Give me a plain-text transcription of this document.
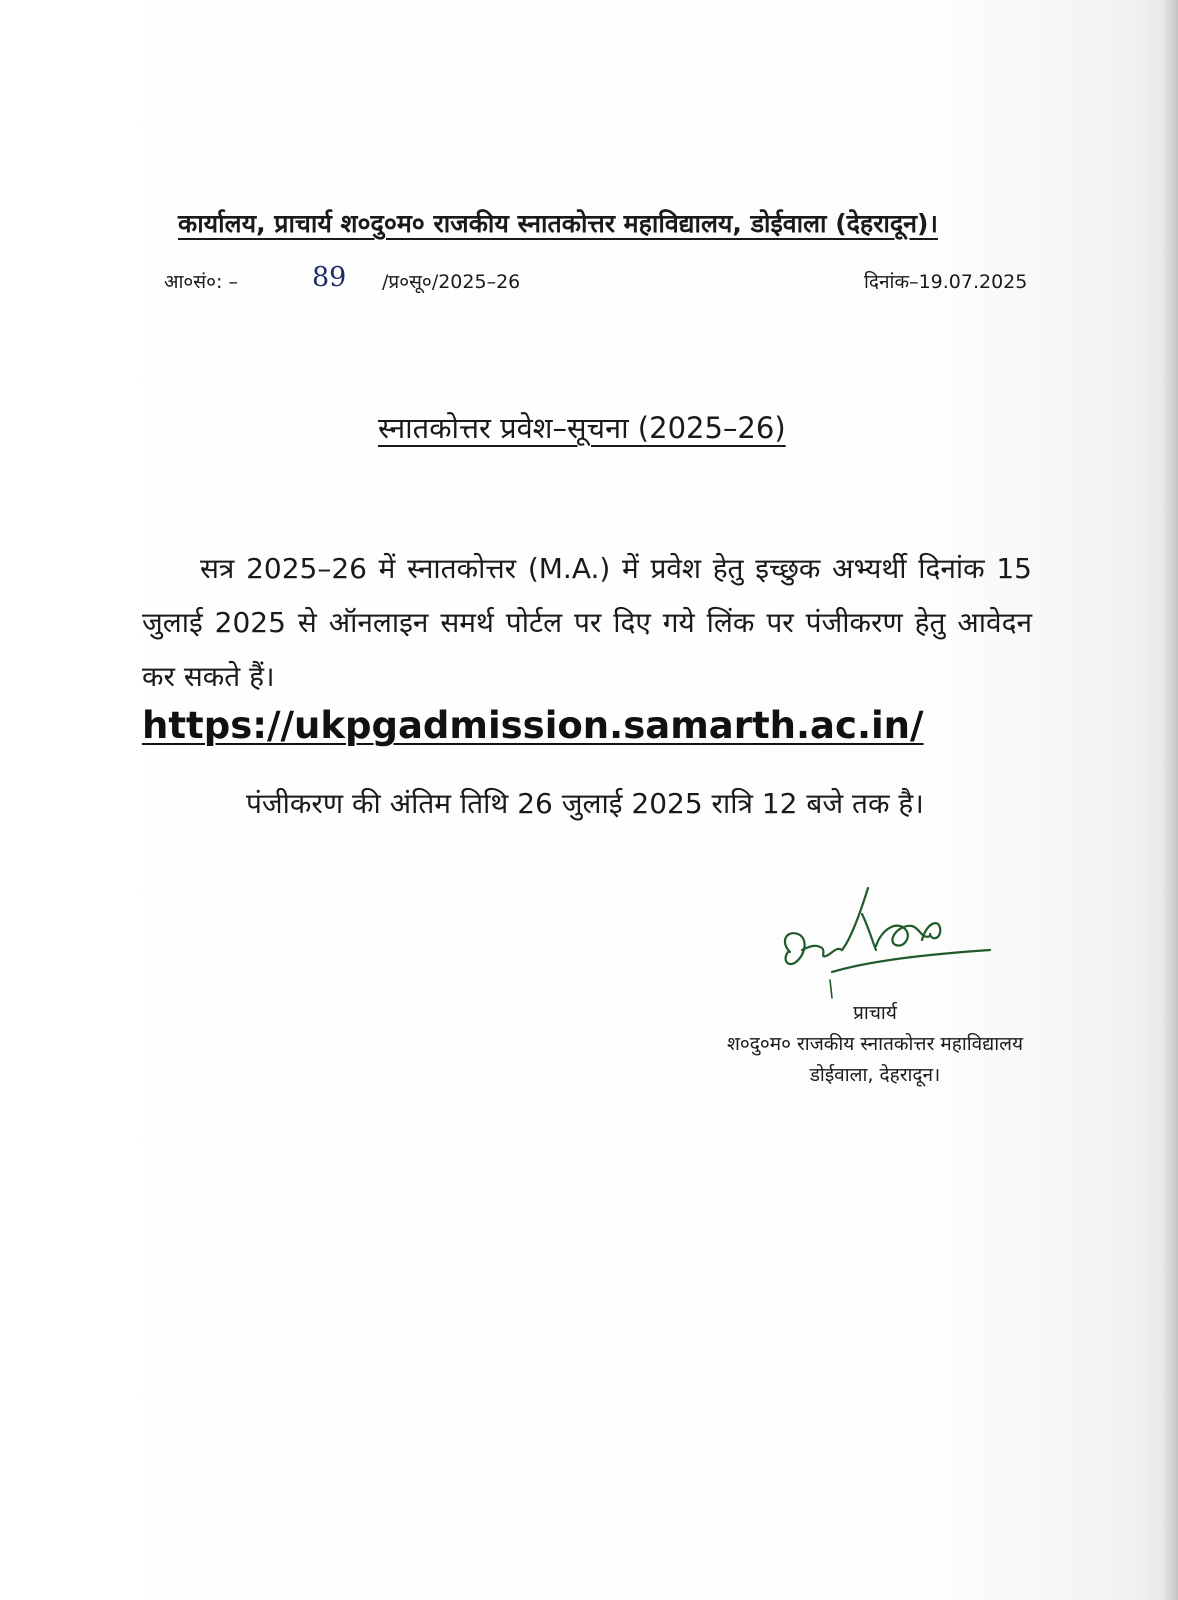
कार्यालय, प्राचार्य श०दु०म० राजकीय स्नातकोत्तर महाविद्यालय, डोईवाला (देहरादून)।
आ०सं०: –	89 /प्र०सू०/2025–26	दिनांक–19.07.2025
स्नातकोत्तर प्रवेश–सूचना (2025–26)
सत्र 2025–26 में स्नातकोत्तर (M.A.) में प्रवेश हेतु इच्छुक अभ्यर्थी दिनांक 15 जुलाई 2025 से ऑनलाइन समर्थ पोर्टल पर दिए गये लिंक पर पंजीकरण हेतु आवेदन कर सकते हैं।
https://ukpgadmission.samarth.ac.in/
पंजीकरण की अंतिम तिथि 26 जुलाई 2025 रात्रि 12 बजे तक है।
प्राचार्य
श०दु०म० राजकीय स्नातकोत्तर महाविद्यालय
डोईवाला, देहरादून।
